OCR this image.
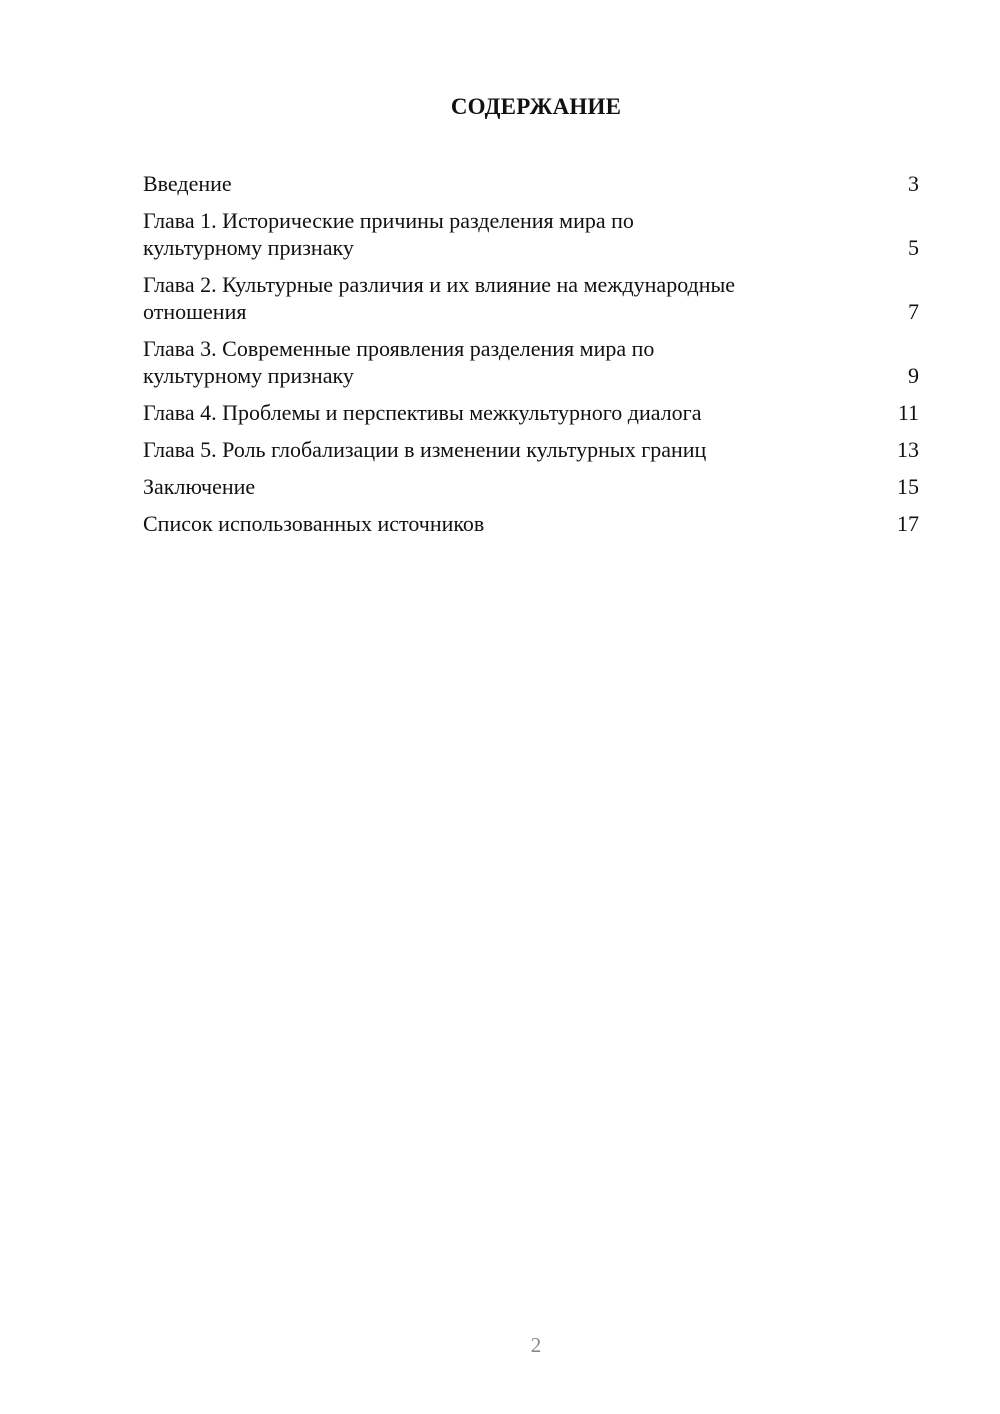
СОДЕРЖАНИЕ
Введение	3
Глава 1. Исторические причины разделения мира по
культурному признаку	5
Глава 2. Культурные различия и их влияние на международные
отношения	7
Глава 3. Современные проявления разделения мира по
культурному признаку	9
Глава 4. Проблемы и перспективы межкультурного диалога	11
Глава 5. Роль глобализации в изменении культурных границ	13
Заключение	15
Список использованных источников	17
2
